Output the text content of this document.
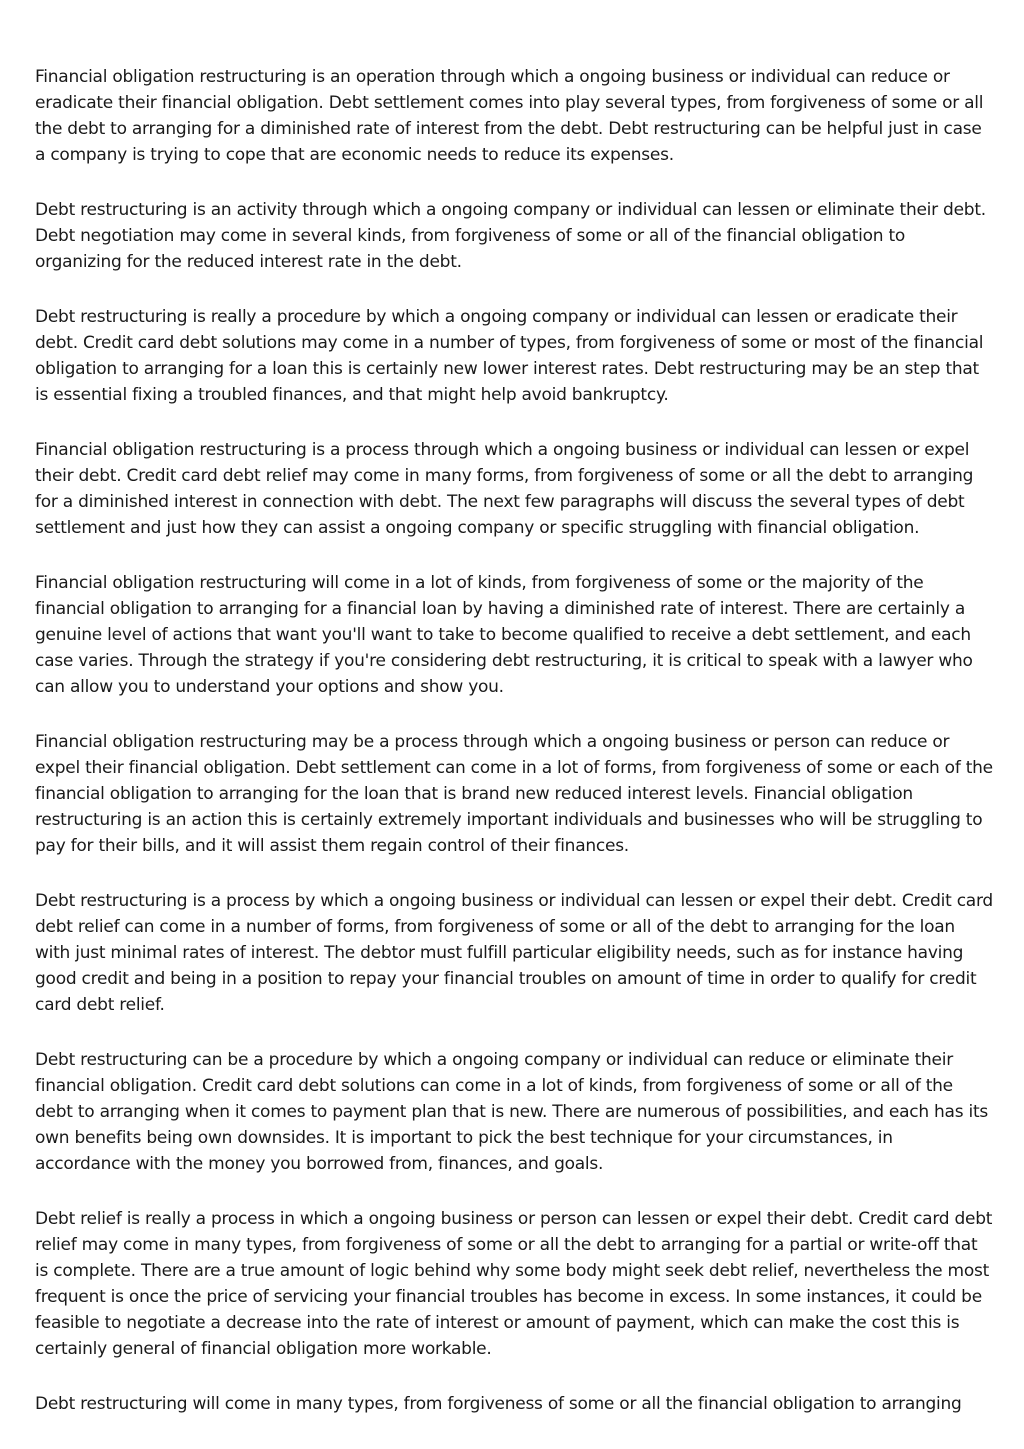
Financial obligation restructuring is an operation through which a ongoing business or individual can reduce or eradicate their financial obligation. Debt settlement comes into play several types, from forgiveness of some or all the debt to arranging for a diminished rate of interest from the debt. Debt restructuring can be helpful just in case a company is trying to cope that are economic needs to reduce its expenses.

Debt restructuring is an activity through which a ongoing company or individual can lessen or eliminate their debt. Debt negotiation may come in several kinds, from forgiveness of some or all of the financial obligation to organizing for the reduced interest rate in the debt.

Debt restructuring is really a procedure by which a ongoing company or individual can lessen or eradicate their debt. Credit card debt solutions may come in a number of types, from forgiveness of some or most of the financial obligation to arranging for a loan this is certainly new lower interest rates. Debt restructuring may be an step that is essential fixing a troubled finances, and that might help avoid bankruptcy.

Financial obligation restructuring is a process through which a ongoing business or individual can lessen or expel their debt. Credit card debt relief may come in many forms, from forgiveness of some or all the debt to arranging for a diminished interest in connection with debt. The next few paragraphs will discuss the several types of debt settlement and just how they can assist a ongoing company or specific struggling with financial obligation.

Financial obligation restructuring will come in a lot of kinds, from forgiveness of some or the majority of the financial obligation to arranging for a financial loan by having a diminished rate of interest. There are certainly a genuine level of actions that want you'll want to take to become qualified to receive a debt settlement, and each case varies. Through the strategy if you're considering debt restructuring, it is critical to speak with a lawyer who can allow you to understand your options and show you.

Financial obligation restructuring may be a process through which a ongoing business or person can reduce or expel their financial obligation. Debt settlement can come in a lot of forms, from forgiveness of some or each of the financial obligation to arranging for the loan that is brand new reduced interest levels. Financial obligation restructuring is an action this is certainly extremely important individuals and businesses who will be struggling to pay for their bills, and it will assist them regain control of their finances.

Debt restructuring is a process by which a ongoing business or individual can lessen or expel their debt. Credit card debt relief can come in a number of forms, from forgiveness of some or all of the debt to arranging for the loan with just minimal rates of interest. The debtor must fulfill particular eligibility needs, such as for instance having good credit and being in a position to repay your financial troubles on amount of time in order to qualify for credit card debt relief.

Debt restructuring can be a procedure by which a ongoing company or individual can reduce or eliminate their financial obligation. Credit card debt solutions can come in a lot of kinds, from forgiveness of some or all of the debt to arranging when it comes to payment plan that is new. There are numerous of possibilities, and each has its own benefits being own downsides. It is important to pick the best technique for your circumstances, in accordance with the money you borrowed from, finances, and goals.

Debt relief is really a process in which a ongoing business or person can lessen or expel their debt. Credit card debt relief may come in many types, from forgiveness of some or all the debt to arranging for a partial or write-off that is complete. There are a true amount of logic behind why some body might seek debt relief, nevertheless the most frequent is once the price of servicing your financial troubles has become in excess. In some instances, it could be feasible to negotiate a decrease into the rate of interest or amount of payment, which can make the cost this is certainly general of financial obligation more workable.

Debt restructuring will come in many types, from forgiveness of some or all the financial obligation to arranging
